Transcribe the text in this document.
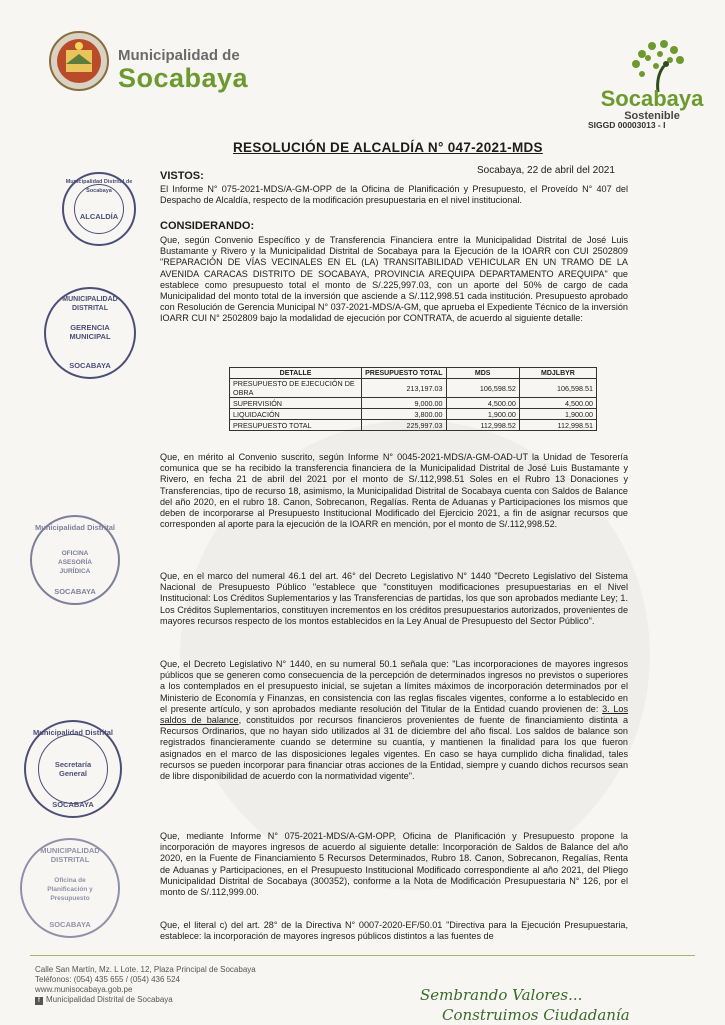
Municipalidad de
Socabaya
Socabaya
Sostenible
SIGGD 00003013 - I
RESOLUCIÓN DE ALCALDÍA N° 047-2021-MDS
Socabaya, 22 de abril del 2021
VISTOS:
El Informe N° 075-2021-MDS/A-GM-OPP de la Oficina de Planificación y Presupuesto, el Proveído N° 407 del Despacho de Alcaldía, respecto de la modificación presupuestaria en el nivel institucional.
CONSIDERANDO:
Que, según Convenio Específico y de Transferencia Financiera entre la Municipalidad Distrital de José Luis Bustamante y Rivero y la Municipalidad Distrital de Socabaya para la Ejecución de la IOARR con CUI 2502809 "REPARACIÓN DE VÍAS VECINALES EN EL (LA) TRANSITABILIDAD VEHICULAR EN UN TRAMO DE LA AVENIDA CARACAS DISTRITO DE SOCABAYA, PROVINCIA AREQUIPA DEPARTAMENTO AREQUIPA" que establece como presupuesto total el monto de S/.225,997.03, con un aporte del 50% de cargo de cada Municipalidad del monto total de la inversión que asciende a S/.112,998.51 cada institución. Presupuesto aprobado con Resolución de Gerencia Municipal N° 037-2021-MDS/A-GM, que aprueba el Expediente Técnico de la inversión IOARR CUI N° 2502809 bajo la modalidad de ejecución por CONTRATA, de acuerdo al siguiente detalle:
DETALLE	PRESUPUESTO TOTAL	MDS	MDJLBYR
PRESUPUESTO DE EJECUCIÓN DE OBRA	213,197.03	106,598.52	106,598.51
SUPERVISIÓN	9,000.00	4,500.00	4,500.00
LIQUIDACIÓN	3,800.00	1,900.00	1,900.00
PRESUPUESTO TOTAL	225,997.03	112,998.52	112,998.51
Que, en mérito al Convenio suscrito, según Informe N° 0045-2021-MDS/A-GM-OAD-UT la Unidad de Tesorería comunica que se ha recibido la transferencia financiera de la Municipalidad Distrital de José Luis Bustamante y Rivero, en fecha 21 de abril del 2021 por el monto de S/.112,998.51 Soles en el Rubro 13 Donaciones y Transferencias, tipo de recurso 18, asimismo, la Municipalidad Distrital de Socabaya cuenta con Saldos de Balance del año 2020, en el rubro 18. Canon, Sobrecanon, Regalías. Renta de Aduanas y Participaciones los mismos que deben de incorporarse al Presupuesto Institucional Modificado del Ejercicio 2021, a fin de asignar recursos que corresponden al aporte para la ejecución de la IOARR en mención, por el monto de S/.112,998.52.
Que, en el marco del numeral 46.1 del art. 46° del Decreto Legislativo N° 1440 "Decreto Legislativo del Sistema Nacional de Presupuesto Público "establece que "constituyen modificaciones presupuestarias en el Nivel Institucional: Los Créditos Suplementarios y las Transferencias de partidas, los que son aprobados mediante Ley; 1. Los Créditos Suplementarios, constituyen incrementos en los créditos presupuestarios autorizados, provenientes de mayores recursos respecto de los montos establecidos en la Ley Anual de Presupuesto del Sector Público".
Que, el Decreto Legislativo N° 1440, en su numeral 50.1 señala que: "Las incorporaciones de mayores ingresos públicos que se generen como consecuencia de la percepción de determinados ingresos no previstos o superiores a los contemplados en el presupuesto inicial, se sujetan a límites máximos de incorporación determinados por el Ministerio de Economía y Finanzas, en consistencia con las reglas fiscales vigentes, conforme a lo establecido en el presente artículo, y son aprobados mediante resolución del Titular de la Entidad cuando provienen de: 3. Los saldos de balance, constituidos por recursos financieros provenientes de fuente de financiamiento distinta a Recursos Ordinarios, que no hayan sido utilizados al 31 de diciembre del año fiscal. Los saldos de balance son registrados financieramente cuando se determine su cuantía, y mantienen la finalidad para los que fueron asignados en el marco de las disposiciones legales vigentes. En caso se haya cumplido dicha finalidad, tales recursos se pueden incorporar para financiar otras acciones de la Entidad, siempre y cuando dichos recursos sean de libre disponibilidad de acuerdo con la normatividad vigente".
Que, mediante Informe N° 075-2021-MDS/A-GM-OPP, Oficina de Planificación y Presupuesto propone la incorporación de mayores ingresos de acuerdo al siguiente detalle: Incorporación de Saldos de Balance del año 2020, en la Fuente de Financiamiento 5 Recursos Determinados, Rubro 18. Canon, Sobrecanon, Regalías, Renta de Aduanas y Participaciones, en el Presupuesto Institucional Modificado correspondiente al año 2021, del Pliego Municipalidad Distrital de Socabaya (300352), conforme a la Nota de Modificación Presupuestaria N° 126, por el monto de S/.112,999.00.
Que, el literal c) del art. 28° de la Directiva N° 0007-2020-EF/50.01 "Directiva para la Ejecución Presupuestaria, establece: la incorporación de mayores ingresos públicos distintos a las fuentes de
Municipalidad Distrital de Socabaya
ALCALDÍA
MUNICIPALIDAD DISTRITAL
GERENCIA MUNICIPAL
SOCABAYA
Municipalidad Distrital
OFICINA ASESORÍA JURÍDICA
SOCABAYA
Municipalidad Distrital
Secretaría General
SOCABAYA
MUNICIPALIDAD DISTRITAL
Oficina de Planificación y Presupuesto
SOCABAYA
Calle San Martín, Mz. L Lote. 12, Plaza Principal de Socabaya
Teléfonos: (054) 435 655 / (054) 436 524
www.munisocabaya.gob.pe
f Municipalidad Distrital de Socabaya	Sembrando Valores...
Construimos Ciudadanía
